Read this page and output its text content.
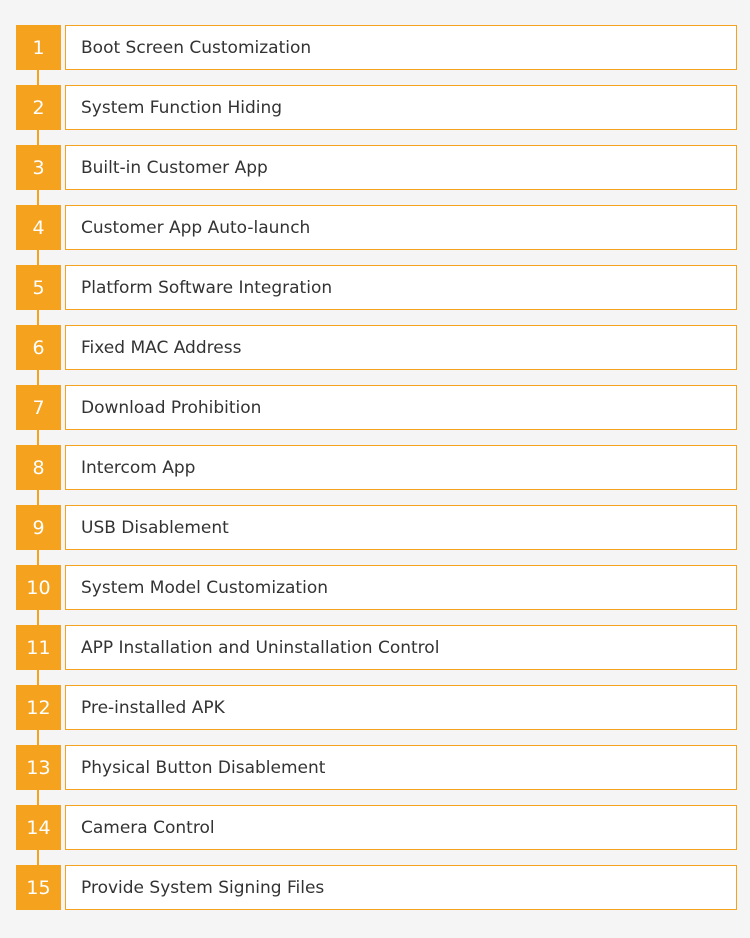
1	Boot Screen Customization
2	System Function Hiding
3	Built-in Customer App
4	Customer App Auto-launch
5	Platform Software Integration
6	Fixed MAC Address
7	Download Prohibition
8	Intercom App
9	USB Disablement
10	System Model Customization
11	APP Installation and Uninstallation Control
12	Pre-installed APK
13	Physical Button Disablement
14	Camera Control
15	Provide System Signing Files
